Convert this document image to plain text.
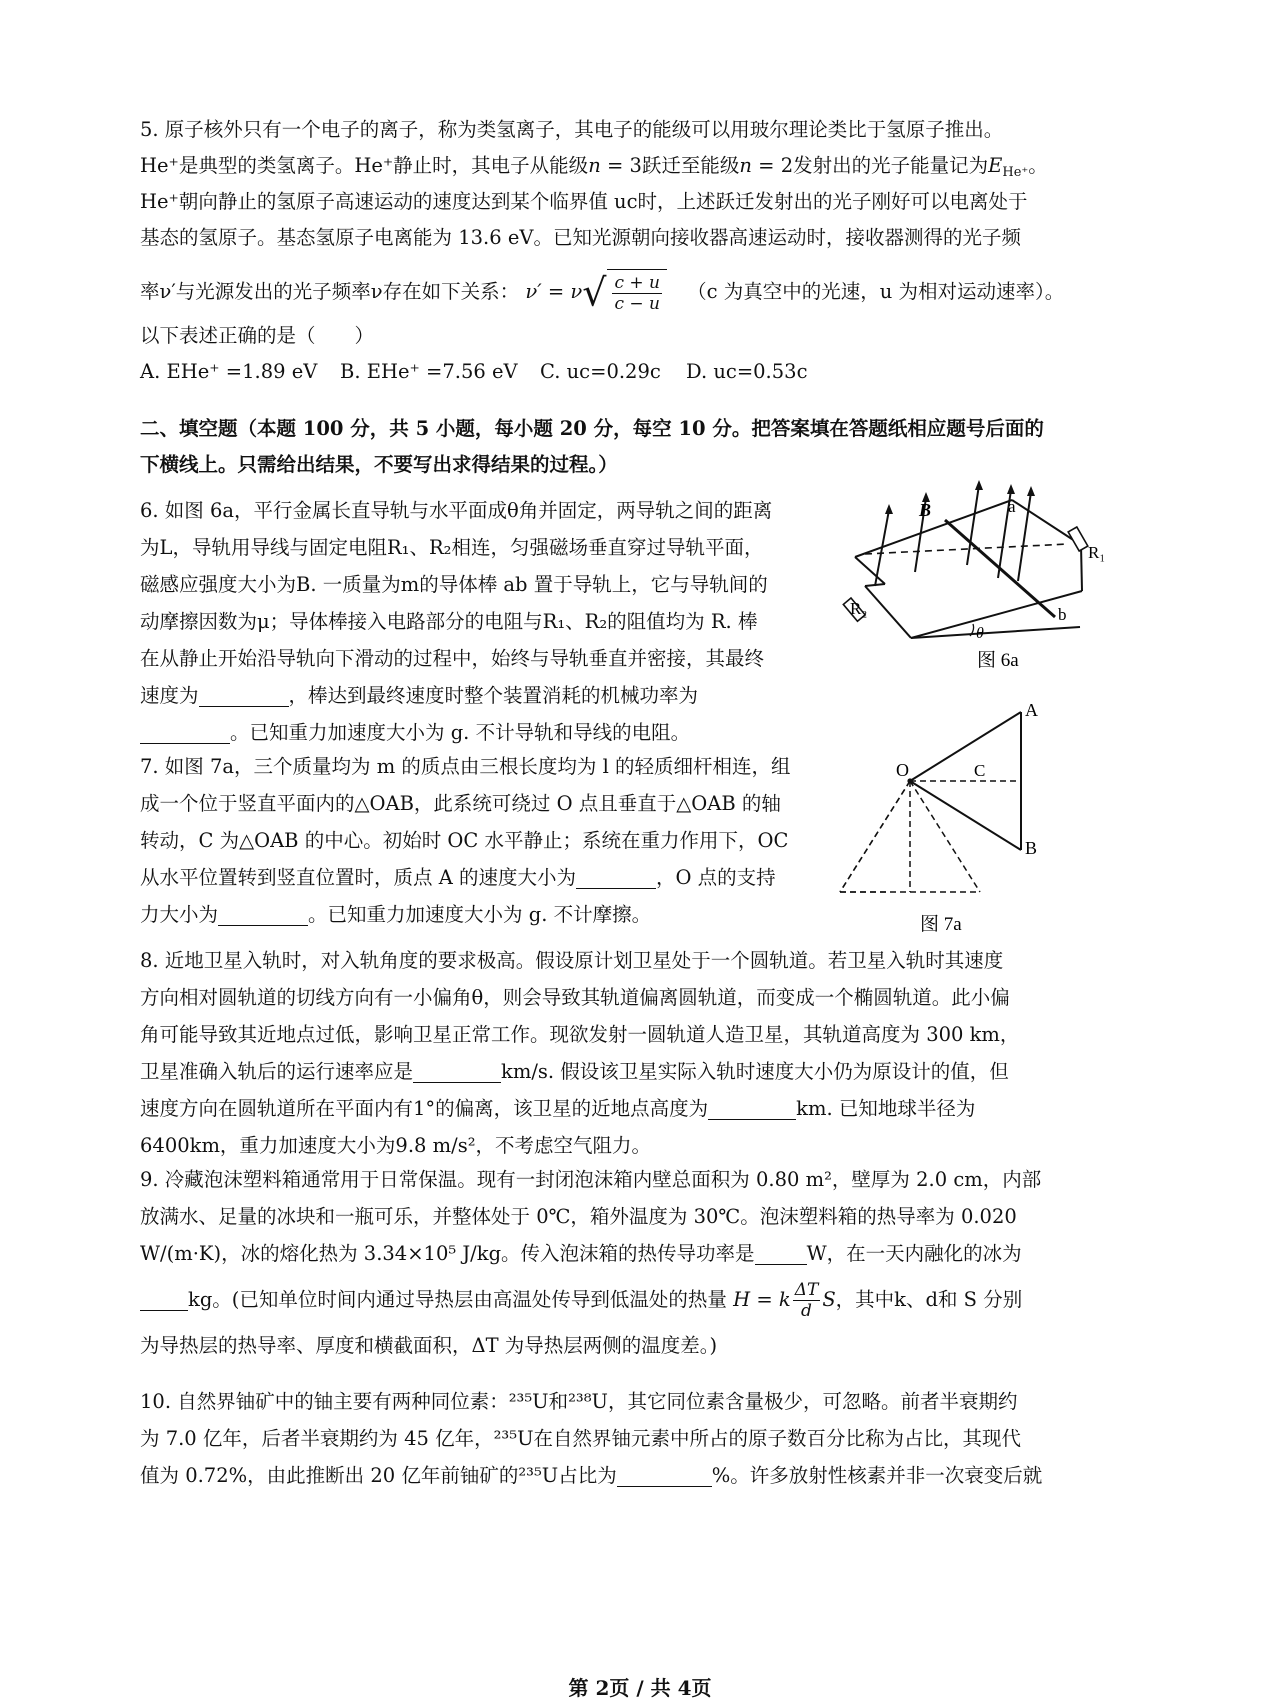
5. 原子核外只有一个电子的离子，称为类氢离子，其电子的能级可以用玻尔理论类比于氢原子推出。
He⁺是典型的类氢离子。He⁺静止时，其电子从能级n = 3跃迁至能级n = 2发射出的光子能量记为$E_{He^+}$。
He⁺朝向静止的氢原子高速运动的速度达到某个临界值 uc时，上述跃迁发射出的光子刚好可以电离处于
基态的氢原子。基态氢原子电离能为 13.6 eV。已知光源朝向接收器高速运动时，接收器测得的光子频
率ν′与光源发出的光子频率ν存在如下关系： $\nu' = \nu√ \frac{c + u}{c - u} (c$ 为真空中的光速，u 为相对运动速率）。
以下表述正确的是（　　）
A. EHe⁺ =1.89 eV B. EHe⁺ =7.56 eV C. uc=0.29c D. uc=0.53c
二、填空题（本题 100 分，共 5 小题，每小题 20 分，每空 10 分。把答案填在答题纸相应题号后面的
下横线上。只需给出结果，不要写出求得结果的过程。）
6. 如图 6a，平行金属长直导轨与水平面成θ角并固定，两导轨之间的距离
为L，导轨用导线与固定电阻R₁、R₂相连，匀强磁场垂直穿过导轨平面，
磁感应强度大小为B. 一质量为m的导体棒 ab 置于导轨上，它与导轨间的
动摩擦因数为μ；导体棒接入电路部分的电阻与R₁、R₂的阻值均为 R. 棒
在从静止开始沿导轨向下滑动的过程中，始终与导轨垂直并密接，其最终
速度为	，棒达到最终速度时整个装置消耗的机械功率为
。已知重力加速度大小为 g. 不计导轨和导线的电阻。
B	a
b
R₁
R₂
θ
图 6a
7. 如图 7a，三个质量均为 m 的质点由三根长度均为 l 的轻质细杆相连，组
成一个位于竖直平面内的△OAB，此系统可绕过 O 点且垂直于△OAB 的轴
转动，C 为△OAB 的中心。初始时 OC 水平静止；系统在重力作用下，OC
从水平位置转到竖直位置时，质点 A 的速度大小为	，O 点的支持
力大小为	。已知重力加速度大小为 g. 不计摩擦。
O
A
B
C
图 7a
8. 近地卫星入轨时，对入轨角度的要求极高。假设原计划卫星处于一个圆轨道。若卫星入轨时其速度
方向相对圆轨道的切线方向有一小偏角θ，则会导致其轨道偏离圆轨道，而变成一个椭圆轨道。此小偏
角可能导致其近地点过低，影响卫星正常工作。现欲发射一圆轨道人造卫星，其轨道高度为 300 km，
卫星准确入轨后的运行速率应是	km/s. 假设该卫星实际入轨时速度大小仍为原设计的值，但
速度方向在圆轨道所在平面内有1°的偏离，该卫星的近地点高度为	km. 已知地球半径为
6400km，重力加速度大小为9.8 m/s²，不考虑空气阻力。
9. 冷藏泡沫塑料箱通常用于日常保温。现有一封闭泡沫箱内壁总面积为 0.80 m²，壁厚为 2.0 cm，内部
放满水、足量的冰块和一瓶可乐，并整体处于 0℃，箱外温度为 30℃。泡沫塑料箱的热导率为 0.020
W/(m·K)，冰的熔化热为 3.34×10⁵ J/kg。传入泡沫箱的热传导功率是	W，在一天内融化的冰为
kg。(已知单位时间内通过导热层由高温处传导到低温处的热量 H = k $\frac{\Delta T}{d}$ S，其中k、d和 S 分别
为导热层的热导率、厚度和横截面积，ΔT 为导热层两侧的温度差。)
10. 自然界铀矿中的铀主要有两种同位素：²³⁵U和²³⁸U，其它同位素含量极少，可忽略。前者半衰期约
为 7.0 亿年，后者半衰期约为 45 亿年，²³⁵U在自然界铀元素中所占的原子数百分比称为占比，其现代
值为 0.72%，由此推断出 20 亿年前铀矿的²³⁵U占比为	%。许多放射性核素并非一次衰变后就
第 2页 / 共 4页
